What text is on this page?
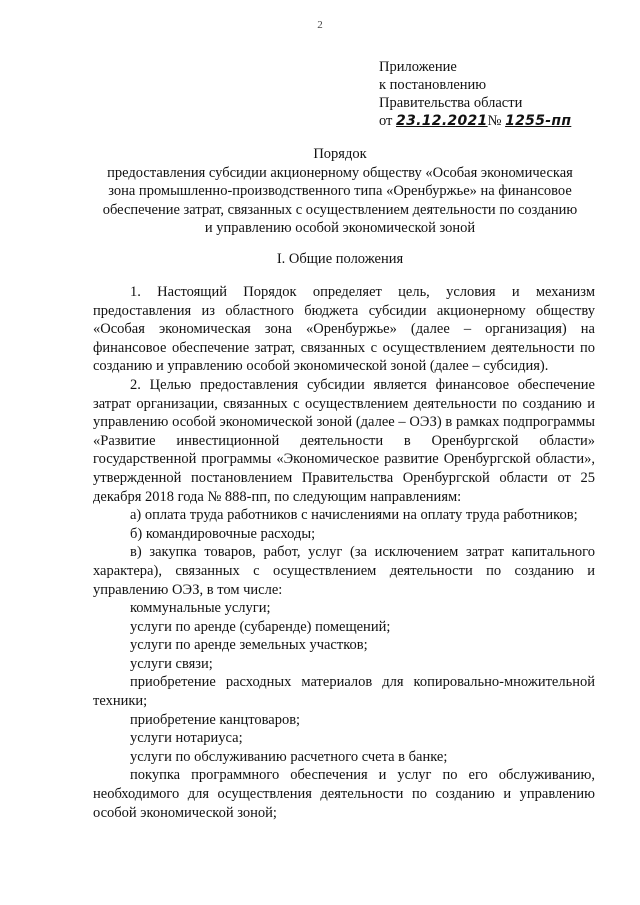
2
Приложение
к постановлению
Правительства области
от 23.12.2021№ 1255-пп
Порядок
предоставления субсидии акционерному обществу «Особая экономическая
зона промышленно-производственного типа «Оренбуржье» на финансовое
обеспечение затрат, связанных с осуществлением деятельности по созданию
и управлению особой экономической зоной
I. Общие положения

1. Настоящий Порядок определяет цель, условия и механизм предоставления из областного бюджета субсидии акционерному обществу «Особая экономическая зона «Оренбуржье» (далее – организация) на финансовое обеспечение затрат, связанных с осуществлением деятельности по созданию и управлению особой экономической зоной (далее – субсидия).

2. Целью предоставления субсидии является финансовое обеспечение затрат организации, связанных с осуществлением деятельности по созданию и управлению особой экономической зоной (далее – ОЭЗ) в рамках подпрограммы «Развитие инвестиционной деятельности в Оренбургской области» государственной программы «Экономическое развитие Оренбургской области», утвержденной постановлением Правительства Оренбургской области от 25 декабря 2018 года № 888-пп, по следующим направлениям:

а) оплата труда работников с начислениями на оплату труда работников;

б) командировочные расходы;

в) закупка товаров, работ, услуг (за исключением затрат капитального характера), связанных с осуществлением деятельности по созданию и управлению ОЭЗ, в том числе:

коммунальные услуги;

услуги по аренде (субаренде) помещений;

услуги по аренде земельных участков;

услуги связи;

приобретение расходных материалов для копировально-множительной техники;

приобретение канцтоваров;

услуги нотариуса;

услуги по обслуживанию расчетного счета в банке;

покупка программного обеспечения и услуг по его обслуживанию, необходимого для осуществления деятельности по созданию и управлению особой экономической зоной;
